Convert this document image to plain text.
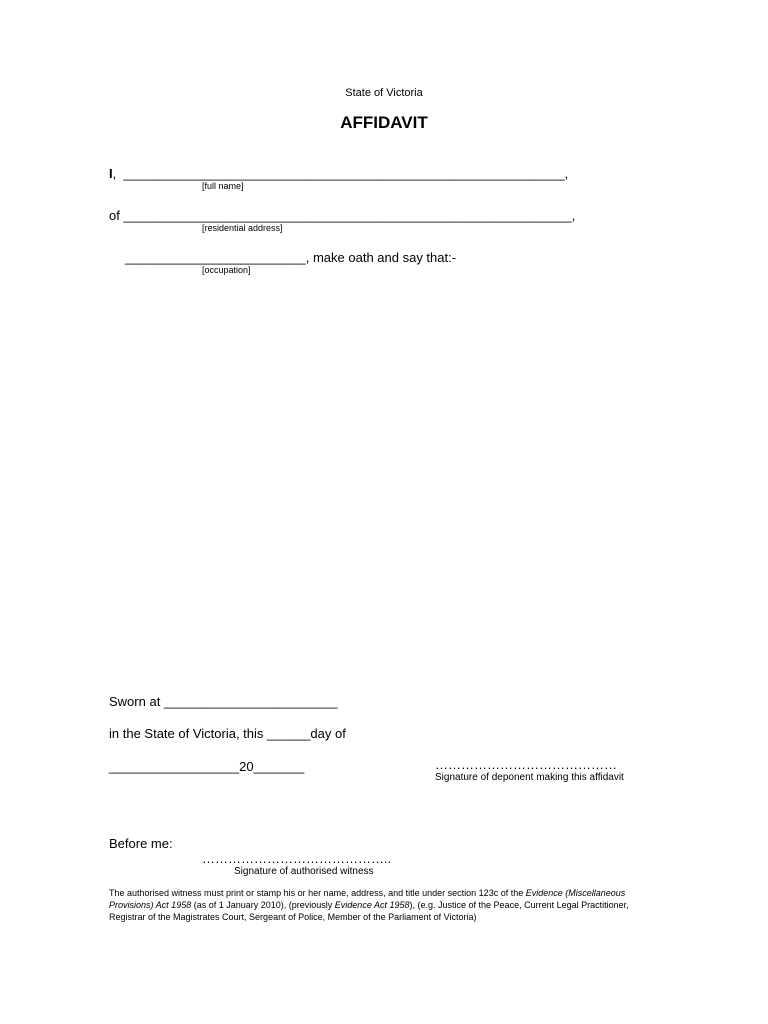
State of Victoria
AFFIDAVIT
I,  _____________________________________________________________,
[full name]
of ______________________________________________________________,
[residential address]
_________________________, make oath and say that:-
[occupation]
Sworn at ________________________
in the State of Victoria, this ______day of
__________________20_______	……………………………………
Signature of deponent making this affidavit
Before me:
……………………………………..
Signature of authorised witness
The authorised witness must print or stamp his or her name, address, and title under section 123c of the Evidence (Miscellaneous Provisions) Act 1958 (as of 1 January 2010), (previously Evidence Act 1958), (e.g. Justice of the Peace, Current Legal Practitioner, Registrar of the Magistrates Court, Sergeant of Police, Member of the Parliament of Victoria)
